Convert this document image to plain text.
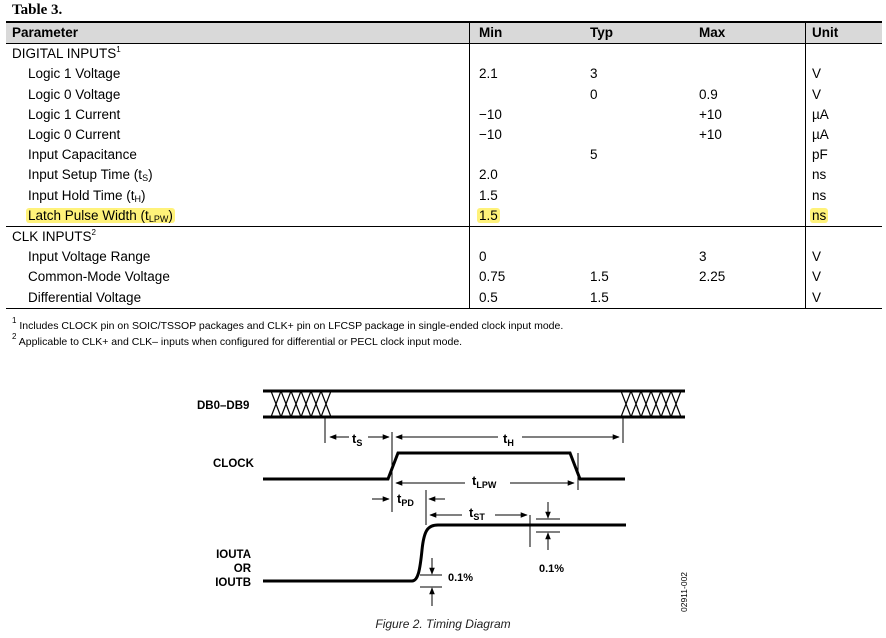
Table 3.
Parameter	Min	Typ	Max	Unit
DIGITAL INPUTS$^1$				
Logic 1 Voltage	2.1	3		V
Logic 0 Voltage		0	0.9	V
Logic 1 Current	−10		+10	µA
Logic 0 Current	−10		+10	µA
Input Capacitance		5		pF
Input Setup Time $(t_S)$	2.0			ns
Input Hold Time $(t_H)$	1.5			ns
Latch Pulse Width $(t_{LPW})$	1.5			ns
CLK INPUTS$^2$				
Input Voltage Range	0		3	V
Common-Mode Voltage	0.75	1.5	2.25	V
Differential Voltage	0.5	1.5		V
$^1$ Includes CLOCK pin on SOIC/TSSOP packages and CLK+ pin on LFCSP package in single-ended clock input mode.
$^2$ Applicable to CLK+ and CLK– inputs when configured for differential or PECL clock input mode.
$t_S$	$t_H$
$t_{LPW}$
$t_{PD}$
$t_{ST}$
0.1%
0.1%
DB0–DB9
CLOCK
IOUTA
OR
IOUTB	02911-002
Figure 2. Timing Diagram
